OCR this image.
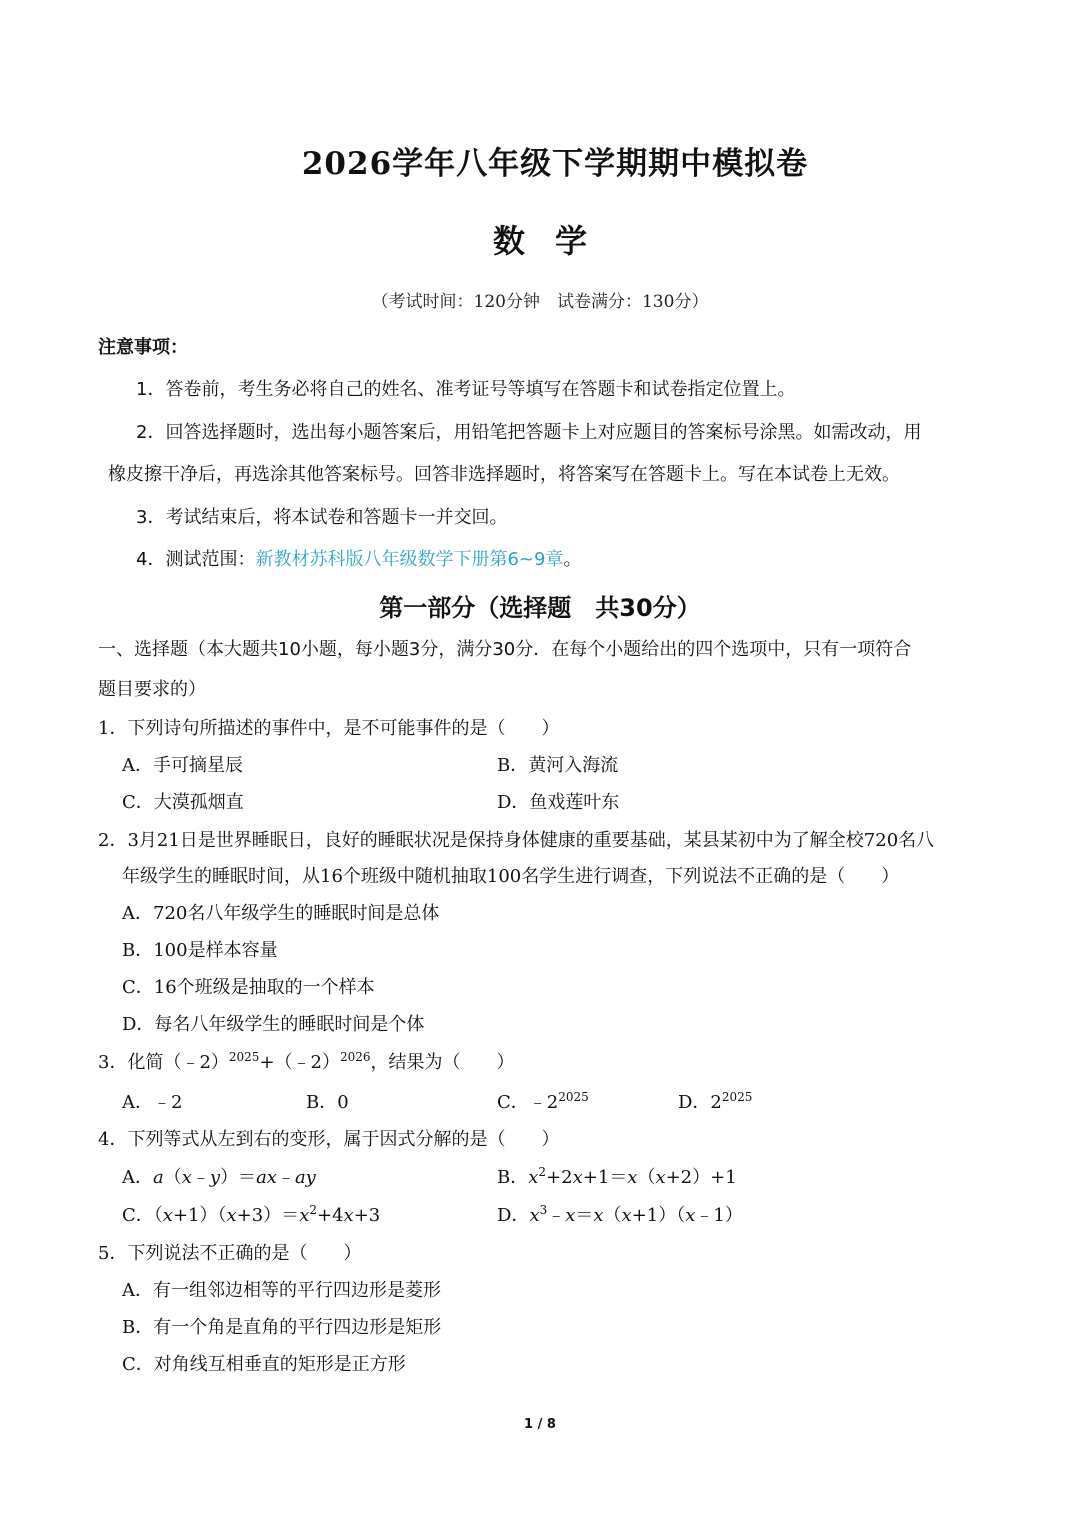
2026学年八年级下学期期中模拟卷
数学
（考试时间：120分钟　试卷满分：130分）
注意事项：
1．答卷前，考生务必将自己的姓名、准考证号等填写在答题卡和试卷指定位置上。
2．回答选择题时，选出每小题答案后，用铅笔把答题卡上对应题目的答案标号涂黑。如需改动，用
橡皮擦干净后，再选涂其他答案标号。回答非选择题时，将答案写在答题卡上。写在本试卷上无效。
3．考试结束后，将本试卷和答题卡一并交回。
4．测试范围：新教材苏科版八年级数学下册第6~9章。
第一部分（选择题　共30分）
一、选择题（本大题共10小题，每小题3分，满分30分．在每个小题给出的四个选项中，只有一项符合
题目要求的）
1．下列诗句所描述的事件中，是不可能事件的是（　　）
A．手可摘星辰	B．黄河入海流
C．大漠孤烟直	D．鱼戏莲叶东
2．3月21日是世界睡眠日，良好的睡眠状况是保持身体健康的重要基础，某县某初中为了解全校720名八
年级学生的睡眠时间，从16个班级中随机抽取100名学生进行调查，下列说法不正确的是（　　）
A．720名八年级学生的睡眠时间是总体
B．100是样本容量
C．16个班级是抽取的一个样本
D．每名八年级学生的睡眠时间是个体
3．化简（﹣2）$^{2025}$+（﹣2）$^{2026}$，结果为（　　）
A．﹣2	B．0	C．$﹣2^{2025}$	D．$2^{2025}$
4．下列等式从左到右的变形，属于因式分解的是（　　）
A．a（x﹣y）＝ax﹣ay	B．$x^2+2x+1=x(x+2)+1$
C．$(x+1)(x+3)=x^2+4x+3$	D．$x^3﹣x=x(x+1)(x﹣1)$
5．下列说法不正确的是（　　）
A．有一组邻边相等的平行四边形是菱形
B．有一个角是直角的平行四边形是矩形
C．对角线互相垂直的矩形是正方形
1 / 8
